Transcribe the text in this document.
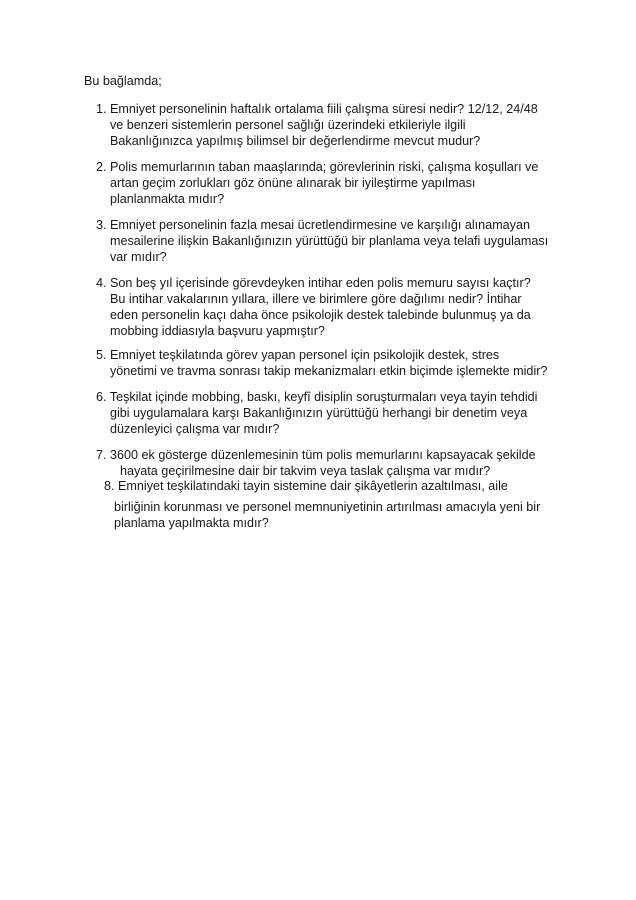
Bu bağlamda;

1. Emniyet personelinin haftalık ortalama fiili çalışma süresi nedir? 12/12, 24/48
ve benzeri sistemlerin personel sağlığı üzerindeki etkileriyle ilgili
Bakanlığınızca yapılmış bilimsel bir değerlendirme mevcut mudur?

2. Polis memurlarının taban maaşlarında; görevlerinin riski, çalışma koşulları ve
artan geçim zorlukları göz önüne alınarak bir iyileştirme yapılması
planlanmakta mıdır?

3. Emniyet personelinin fazla mesai ücretlendirmesine ve karşılığı alınamayan
mesailerine ilişkin Bakanlığınızın yürüttüğü bir planlama veya telafi uygulaması
var mıdır?

4. Son beş yıl içerisinde görevdeyken intihar eden polis memuru sayısı kaçtır?
Bu intihar vakalarının yıllara, illere ve birimlere göre dağılımı nedir? İntihar
eden personelin kaçı daha önce psikolojik destek talebinde bulunmuş ya da
mobbing iddiasıyla başvuru yapmıştır?

5. Emniyet teşkilatında görev yapan personel için psikolojik destek, stres
yönetimi ve travma sonrası takip mekanizmaları etkin biçimde işlemekte midir?

6. Teşkilat içinde mobbing, baskı, keyfî disiplin soruşturmaları veya tayin tehdidi
gibi uygulamalara karşı Bakanlığınızın yürüttüğü herhangi bir denetim veya
düzenleyici çalışma var mıdır?

7. 3600 ek gösterge düzenlemesinin tüm polis memurlarını kapsayacak şekilde
hayata geçirilmesine dair bir takvim veya taslak çalışma var mıdır?

8. Emniyet teşkilatındaki tayin sistemine dair şikâyetlerin azaltılması, aile

birliğinin korunması ve personel memnuniyetinin artırılması amacıyla yeni bir
planlama yapılmakta mıdır?
